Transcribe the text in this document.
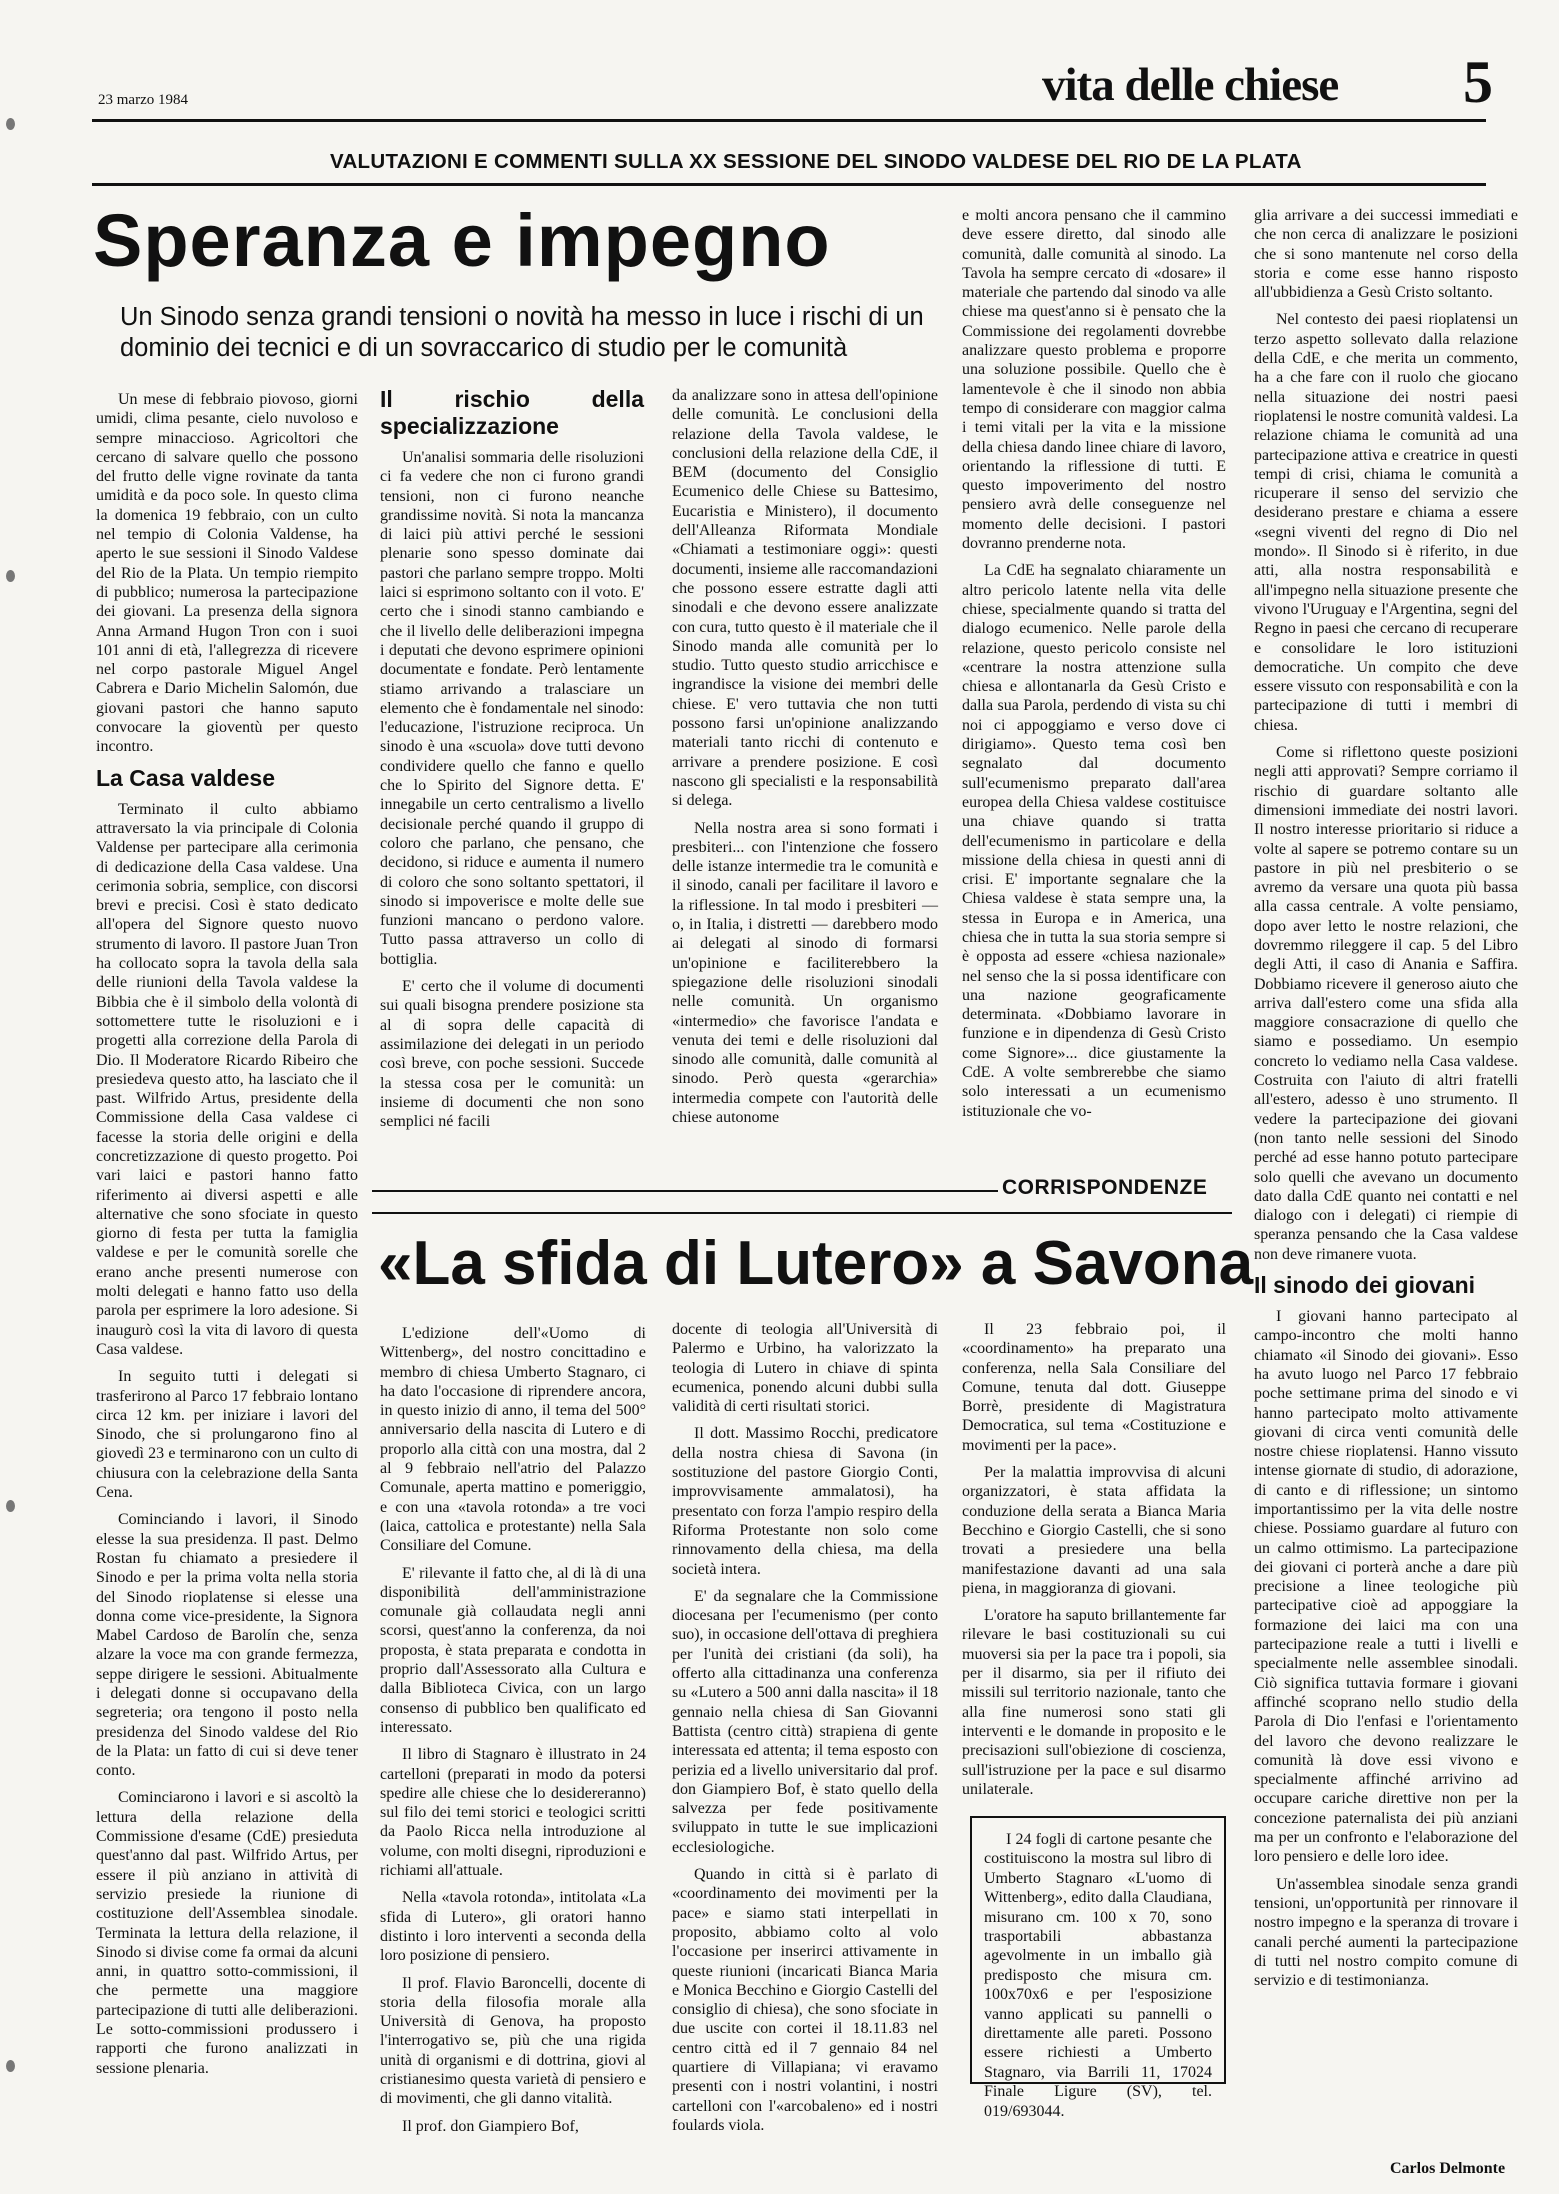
23 marzo 1984	vita delle chiese 5
VALUTAZIONI E COMMENTI SULLA XX SESSIONE DEL SINODO VALDESE DEL RIO DE LA PLATA
Speranza e impegno
Un Sinodo senza grandi tensioni o novità ha messo in luce i rischi di un dominio dei tecnici e di un sovraccarico di studio per le comunità

Un mese di febbraio piovoso, giorni umidi, clima pesante, cielo nuvoloso e sempre minaccioso. Agricoltori che cercano di salvare quello che possono del frutto delle vigne rovinate da tanta umidità e da poco sole. In questo clima la domenica 19 febbraio, con un culto nel tempio di Colonia Valdense, ha aperto le sue sessioni il Sinodo Valdese del Rio de la Plata. Un tempio riempito di pubblico; numerosa la partecipazione dei giovani. La presenza della signora Anna Armand Hugon Tron con i suoi 101 anni di età, l'allegrezza di ricevere nel corpo pastorale Miguel Angel Cabrera e Dario Michelin Salomón, due giovani pastori che hanno saputo convocare la gioventù per questo incontro.

La Casa valdese

Terminato il culto abbiamo attraversato la via principale di Colonia Valdense per partecipare alla cerimonia di dedicazione della Casa valdese. Una cerimonia sobria, semplice, con discorsi brevi e precisi. Così è stato dedicato all'opera del Signore questo nuovo strumento di lavoro. Il pastore Juan Tron ha collocato sopra la tavola della sala delle riunioni della Tavola valdese la Bibbia che è il simbolo della volontà di sottomettere tutte le risoluzioni e i progetti alla correzione della Parola di Dio. Il Moderatore Ricardo Ribeiro che presiedeva questo atto, ha lasciato che il past. Wilfrido Artus, presidente della Commissione della Casa valdese ci facesse la storia delle origini e della concretizzazione di questo progetto. Poi vari laici e pastori hanno fatto riferimento ai diversi aspetti e alle alternative che sono sfociate in questo giorno di festa per tutta la famiglia valdese e per le comunità sorelle che erano anche presenti numerose con molti delegati e hanno fatto uso della parola per esprimere la loro adesione. Si inaugurò così la vita di lavoro di questa Casa valdese.

In seguito tutti i delegati si trasferirono al Parco 17 febbraio lontano circa 12 km. per iniziare i lavori del Sinodo, che si prolungarono fino al giovedì 23 e terminarono con un culto di chiusura con la celebrazione della Santa Cena.

Cominciando i lavori, il Sinodo elesse la sua presidenza. Il past. Delmo Rostan fu chiamato a presiedere il Sinodo e per la prima volta nella storia del Sinodo rioplatense si elesse una donna come vice-presidente, la Signora Mabel Cardoso de Barolín che, senza alzare la voce ma con grande fermezza, seppe dirigere le sessioni. Abitualmente i delegati donne si occupavano della segreteria; ora tengono il posto nella presidenza del Sinodo valdese del Rio de la Plata: un fatto di cui si deve tener conto.

Cominciarono i lavori e si ascoltò la lettura della relazione della Commissione d'esame (CdE) presieduta quest'anno dal past. Wilfrido Artus, per essere il più anziano in attività di servizio presiede la riunione di costituzione dell'Assemblea sinodale. Terminata la lettura della relazione, il Sinodo si divise come fa ormai da alcuni anni, in quattro sotto-commissioni, il che permette una maggiore partecipazione di tutti alle deliberazioni. Le sotto-commissioni produssero i rapporti che furono analizzati in sessione plenaria.

Il rischio della specializzazione

Un'analisi sommaria delle risoluzioni ci fa vedere che non ci furono grandi tensioni, non ci furono neanche grandissime novità. Si nota la mancanza di laici più attivi perché le sessioni plenarie sono spesso dominate dai pastori che parlano sempre troppo. Molti laici si esprimono soltanto con il voto. E' certo che i sinodi stanno cambiando e che il livello delle deliberazioni impegna i deputati che devono esprimere opinioni documentate e fondate. Però lentamente stiamo arrivando a tralasciare un elemento che è fondamentale nel sinodo: l'educazione, l'istruzione reciproca. Un sinodo è una «scuola» dove tutti devono condividere quello che fanno e quello che lo Spirito del Signore detta. E' innegabile un certo centralismo a livello decisionale perché quando il gruppo di coloro che parlano, che pensano, che decidono, si riduce e aumenta il numero di coloro che sono soltanto spettatori, il sinodo si impoverisce e molte delle sue funzioni mancano o perdono valore. Tutto passa attraverso un collo di bottiglia.

E' certo che il volume di documenti sui quali bisogna prendere posizione sta al di sopra delle capacità di assimilazione dei delegati in un periodo così breve, con poche sessioni. Succede la stessa cosa per le comunità: un insieme di documenti che non sono semplici né facili

da analizzare sono in attesa dell'opinione delle comunità. Le conclusioni della relazione della Tavola valdese, le conclusioni della relazione della CdE, il BEM (documento del Consiglio Ecumenico delle Chiese su Battesimo, Eucaristia e Ministero), il documento dell'Alleanza Riformata Mondiale «Chiamati a testimoniare oggi»: questi documenti, insieme alle raccomandazioni che possono essere estratte dagli atti sinodali e che devono essere analizzate con cura, tutto questo è il materiale che il Sinodo manda alle comunità per lo studio. Tutto questo studio arricchisce e ingrandisce la visione dei membri delle chiese. E' vero tuttavia che non tutti possono farsi un'opinione analizzando materiali tanto ricchi di contenuto e arrivare a prendere posizione. E così nascono gli specialisti e la responsabilità si delega.

Nella nostra area si sono formati i presbiteri... con l'intenzione che fossero delle istanze intermedie tra le comunità e il sinodo, canali per facilitare il lavoro e la riflessione. In tal modo i presbiteri — o, in Italia, i distretti — darebbero modo ai delegati al sinodo di formarsi un'opinione e faciliterebbero la spiegazione delle risoluzioni sinodali nelle comunità. Un organismo «intermedio» che favorisce l'andata e venuta dei temi e delle risoluzioni dal sinodo alle comunità, dalle comunità al sinodo. Però questa «gerarchia» intermedia compete con l'autorità delle chiese autonome

e molti ancora pensano che il cammino deve essere diretto, dal sinodo alle comunità, dalle comunità al sinodo. La Tavola ha sempre cercato di «dosare» il materiale che partendo dal sinodo va alle chiese ma quest'anno si è pensato che la Commissione dei regolamenti dovrebbe analizzare questo problema e proporre una soluzione possibile. Quello che è lamentevole è che il sinodo non abbia tempo di considerare con maggior calma i temi vitali per la vita e la missione della chiesa dando linee chiare di lavoro, orientando la riflessione di tutti. E questo impoverimento del nostro pensiero avrà delle conseguenze nel momento delle decisioni. I pastori dovranno prenderne nota.

La CdE ha segnalato chiaramente un altro pericolo latente nella vita delle chiese, specialmente quando si tratta del dialogo ecumenico. Nelle parole della relazione, questo pericolo consiste nel «centrare la nostra attenzione sulla chiesa e allontanarla da Gesù Cristo e dalla sua Parola, perdendo di vista su chi noi ci appoggiamo e verso dove ci dirigiamo». Questo tema così ben segnalato dal documento sull'ecumenismo preparato dall'area europea della Chiesa valdese costituisce una chiave quando si tratta dell'ecumenismo in particolare e della missione della chiesa in questi anni di crisi. E' importante segnalare che la Chiesa valdese è stata sempre una, la stessa in Europa e in America, una chiesa che in tutta la sua storia sempre si è opposta ad essere «chiesa nazionale» nel senso che la si possa identificare con una nazione geograficamente determinata. «Dobbiamo lavorare in funzione e in dipendenza di Gesù Cristo come Signore»... dice giustamente la CdE. A volte sembrerebbe che siamo solo interessati a un ecumenismo istituzionale che vo-

glia arrivare a dei successi immediati e che non cerca di analizzare le posizioni che si sono mantenute nel corso della storia e come esse hanno risposto all'ubbidienza a Gesù Cristo soltanto.

Nel contesto dei paesi rioplatensi un terzo aspetto sollevato dalla relazione della CdE, e che merita un commento, ha a che fare con il ruolo che giocano nella situazione dei nostri paesi rioplatensi le nostre comunità valdesi. La relazione chiama le comunità ad una partecipazione attiva e creatrice in questi tempi di crisi, chiama le comunità a ricuperare il senso del servizio che desiderano prestare e chiama a essere «segni viventi del regno di Dio nel mondo». Il Sinodo si è riferito, in due atti, alla nostra responsabilità e all'impegno nella situazione presente che vivono l'Uruguay e l'Argentina, segni del Regno in paesi che cercano di recuperare e consolidare le loro istituzioni democratiche. Un compito che deve essere vissuto con responsabilità e con la partecipazione di tutti i membri di chiesa.

Come si riflettono queste posizioni negli atti approvati? Sempre corriamo il rischio di guardare soltanto alle dimensioni immediate dei nostri lavori. Il nostro interesse prioritario si riduce a volte al sapere se potremo contare su un pastore in più nel presbiterio o se avremo da versare una quota più bassa alla cassa centrale. A volte pensiamo, dopo aver letto le nostre relazioni, che dovremmo rileggere il cap. 5 del Libro degli Atti, il caso di Anania e Saffira. Dobbiamo ricevere il generoso aiuto che arriva dall'estero come una sfida alla maggiore consacrazione di quello che siamo e possediamo. Un esempio concreto lo vediamo nella Casa valdese. Costruita con l'aiuto di altri fratelli all'estero, adesso è uno strumento. Il vedere la partecipazione dei giovani (non tanto nelle sessioni del Sinodo perché ad esse hanno potuto partecipare solo quelli che avevano un documento dato dalla CdE quanto nei contatti e nel dialogo con i delegati) ci riempie di speranza pensando che la Casa valdese non deve rimanere vuota.

Il sinodo dei giovani

I giovani hanno partecipato al campo-incontro che molti hanno chiamato «il Sinodo dei giovani». Esso ha avuto luogo nel Parco 17 febbraio poche settimane prima del sinodo e vi hanno partecipato molto attivamente giovani di circa venti comunità delle nostre chiese rioplatensi. Hanno vissuto intense giornate di studio, di adorazione, di canto e di riflessione; un sintomo importantissimo per la vita delle nostre chiese. Possiamo guardare al futuro con un calmo ottimismo. La partecipazione dei giovani ci porterà anche a dare più precisione a linee teologiche più partecipative cioè ad appoggiare la formazione dei laici ma con una partecipazione reale a tutti i livelli e specialmente nelle assemblee sinodali. Ciò significa tuttavia formare i giovani affinché scoprano nello studio della Parola di Dio l'enfasi e l'orientamento del lavoro che devono realizzare le comunità là dove essi vivono e specialmente affinché arrivino ad occupare cariche direttive non per la concezione paternalista dei più anziani ma per un confronto e l'elaborazione del loro pensiero e delle loro idee.

Un'assemblea sinodale senza grandi tensioni, un'opportunità per rinnovare il nostro impegno e la speranza di trovare i canali perché aumenti la partecipazione di tutti nel nostro compito comune di servizio e di testimonianza.

Carlos Delmonte
CORRISPONDENZE
«La sfida di Lutero» a Savona

L'edizione dell'«Uomo di Wittenberg», del nostro concittadino e membro di chiesa Umberto Stagnaro, ci ha dato l'occasione di riprendere ancora, in questo inizio di anno, il tema del 500° anniversario della nascita di Lutero e di proporlo alla città con una mostra, dal 2 al 9 febbraio nell'atrio del Palazzo Comunale, aperta mattino e pomeriggio, e con una «tavola rotonda» a tre voci (laica, cattolica e protestante) nella Sala Consiliare del Comune.

E' rilevante il fatto che, al di là di una disponibilità dell'amministrazione comunale già collaudata negli anni scorsi, quest'anno la conferenza, da noi proposta, è stata preparata e condotta in proprio dall'Assessorato alla Cultura e dalla Biblioteca Civica, con un largo consenso di pubblico ben qualificato ed interessato.

Il libro di Stagnaro è illustrato in 24 cartelloni (preparati in modo da potersi spedire alle chiese che lo desidereranno) sul filo dei temi storici e teologici scritti da Paolo Ricca nella introduzione al volume, con molti disegni, riproduzioni e richiami all'attuale.

Nella «tavola rotonda», intitolata «La sfida di Lutero», gli oratori hanno distinto i loro interventi a seconda della loro posizione di pensiero.

Il prof. Flavio Baroncelli, docente di storia della filosofia morale alla Università di Genova, ha proposto l'interrogativo se, più che una rigida unità di organismi e di dottrina, giovi al cristianesimo questa varietà di pensiero e di movimenti, che gli danno vitalità.

Il prof. don Giampiero Bof,

docente di teologia all'Università di Palermo e Urbino, ha valorizzato la teologia di Lutero in chiave di spinta ecumenica, ponendo alcuni dubbi sulla validità di certi risultati storici.

Il dott. Massimo Rocchi, predicatore della nostra chiesa di Savona (in sostituzione del pastore Giorgio Conti, improvvisamente ammalatosi), ha presentato con forza l'ampio respiro della Riforma Protestante non solo come rinnovamento della chiesa, ma della società intera.

E' da segnalare che la Commissione diocesana per l'ecumenismo (per conto suo), in occasione dell'ottava di preghiera per l'unità dei cristiani (da soli), ha offerto alla cittadinanza una conferenza su «Lutero a 500 anni dalla nascita» il 18 gennaio nella chiesa di San Giovanni Battista (centro città) strapiena di gente interessata ed attenta; il tema esposto con perizia ed a livello universitario dal prof. don Giampiero Bof, è stato quello della salvezza per fede positivamente sviluppato in tutte le sue implicazioni ecclesiologiche.

Quando in città si è parlato di «coordinamento dei movimenti per la pace» e siamo stati interpellati in proposito, abbiamo colto al volo l'occasione per inserirci attivamente in queste riunioni (incaricati Bianca Maria e Monica Becchino e Giorgio Castelli del consiglio di chiesa), che sono sfociate in due uscite con cortei il 18.11.83 nel centro città ed il 7 gennaio 84 nel quartiere di Villapiana; vi eravamo presenti con i nostri volantini, i nostri cartelloni con l'«arcobaleno» ed i nostri foulards viola.

Il 23 febbraio poi, il «coordinamento» ha preparato una conferenza, nella Sala Consiliare del Comune, tenuta dal dott. Giuseppe Borrè, presidente di Magistratura Democratica, sul tema «Costituzione e movimenti per la pace».

Per la malattia improvvisa di alcuni organizzatori, è stata affidata la conduzione della serata a Bianca Maria Becchino e Giorgio Castelli, che si sono trovati a presiedere una bella manifestazione davanti ad una sala piena, in maggioranza di giovani.

L'oratore ha saputo brillantemente far rilevare le basi costituzionali su cui muoversi sia per la pace tra i popoli, sia per il disarmo, sia per il rifiuto dei missili sul territorio nazionale, tanto che alla fine numerosi sono stati gli interventi e le domande in proposito e le precisazioni sull'obiezione di coscienza, sull'istruzione per la pace e sul disarmo unilaterale.

I 24 fogli di cartone pesante che costituiscono la mostra sul libro di Umberto Stagnaro «L'uomo di Wittenberg», edito dalla Claudiana, misurano cm. 100 x 70, sono trasportabili abbastanza agevolmente in un imballo già predisposto che misura cm. 100x70x6 e per l'esposizione vanno applicati su pannelli o direttamente alle pareti. Possono essere richiesti a Umberto Stagnaro, via Barrili 11, 17024 Finale Ligure (SV), tel. 019/693044.
